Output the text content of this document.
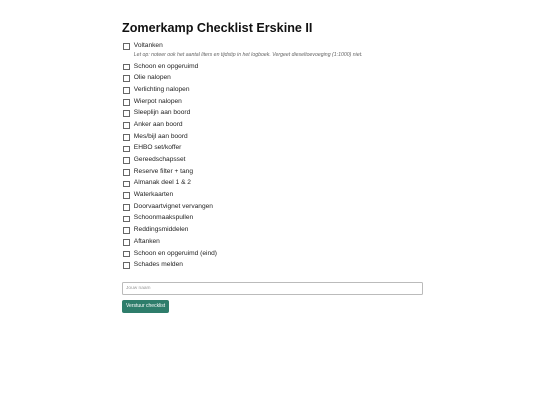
Zomerkamp Checklist Erskine II
Voltanken
Let op: noteer ook het aantal liters en tijdstip in het logboek. Vergeet dieseltoevoeging (1:1000) niet.
Schoon en opgeruimd
Olie nalopen
Verlichting nalopen
Wierpot nalopen
Sleeplijn aan boord
Anker aan boord
Mes/bijl aan boord
EHBO set/koffer
Gereedschapsset
Reserve filter + tang
Almanak deel 1 & 2
Waterkaarten
Doorvaartvignet vervangen
Schoonmaakspullen
Reddingsmiddelen
Aftanken
Schoon en opgeruimd (eind)
Schades melden
Jouw naam
Verstuur checklist
